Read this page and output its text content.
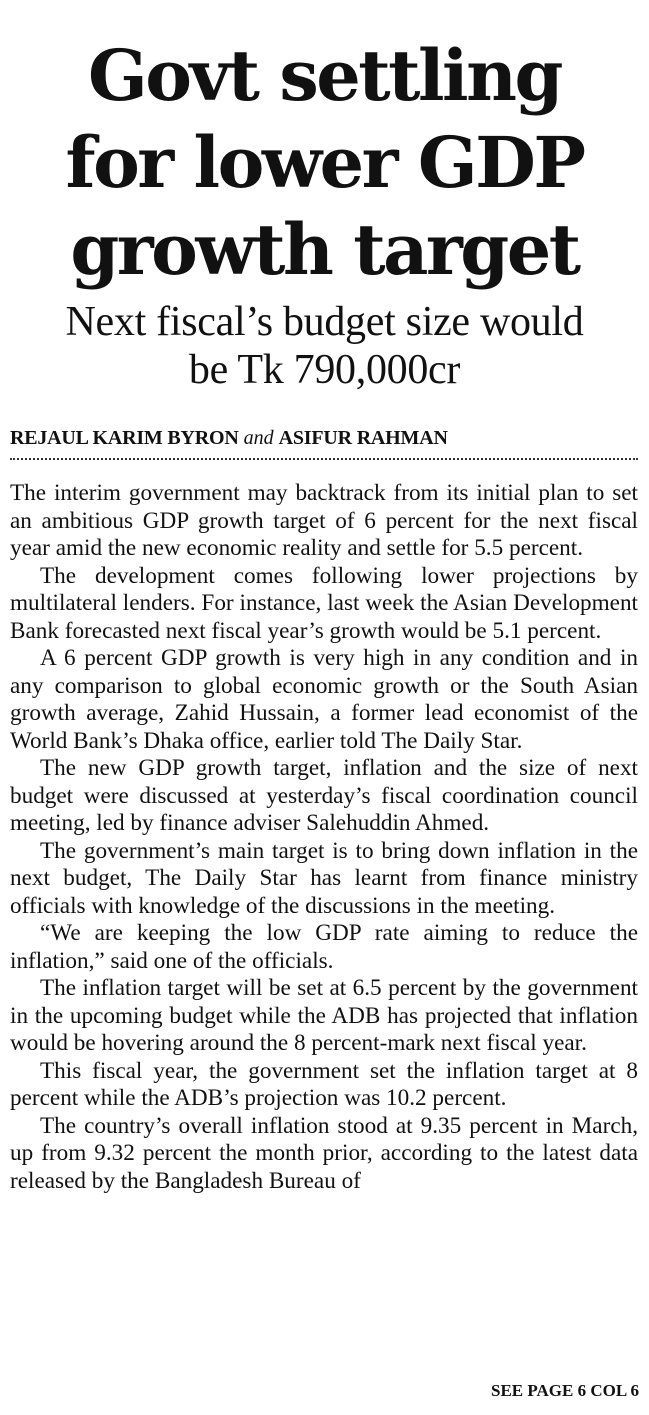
Govt settling
for lower GDP
growth target
Next fiscal’s budget size would
be Tk 790,000cr
REJAUL KARIM BYRON and ASIFUR RAHMAN

The interim government may backtrack from its initial plan to set an ambitious GDP growth target of 6 percent for the next fiscal year amid the new economic reality and settle for 5.5 percent.

The development comes following lower projections by multilateral lenders. For instance, last week the Asian Development Bank forecasted next fiscal year’s growth would be 5.1 percent.

A 6 percent GDP growth is very high in any condition and in any comparison to global economic growth or the South Asian growth average, Zahid Hussain, a former lead economist of the World Bank’s Dhaka office, earlier told The Daily Star.

The new GDP growth target, inflation and the size of next budget were discussed at yesterday’s fiscal coordination council meeting, led by finance adviser Salehuddin Ahmed.

The government’s main target is to bring down inflation in the next budget, The Daily Star has learnt from finance ministry officials with knowledge of the discussions in the meeting.

“We are keeping the low GDP rate aiming to reduce the inflation,” said one of the officials.

The inflation target will be set at 6.5 percent by the government in the upcoming budget while the ADB has projected that inflation would be hovering around the 8 percent-mark next fiscal year.

This fiscal year, the government set the inflation target at 8 percent while the ADB’s projection was 10.2 percent.

The country’s overall inflation stood at 9.35 percent in March, up from 9.32 percent the month prior, according to the latest data released by the Bangladesh Bureau of

SEE PAGE 6 COL 6
